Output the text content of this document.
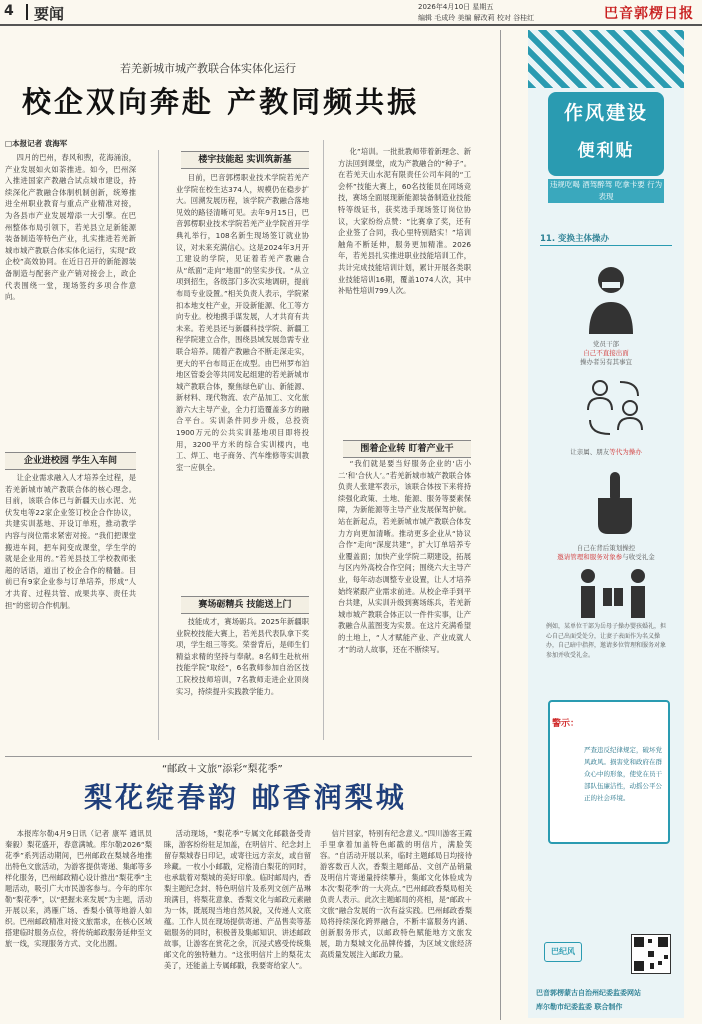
4 要闻	2026年4月10日 星期五
编辑 毛成玲 美编 解改莉 校对 谷桂红	巴音郭楞日报
若羌新城市城产教联合体实体化运行
校企双向奔赴 产教同频共振
□本报记者 袁海军

四月的巴州，春风和煦，花海涌浪，产业发展如火如荼推进。如今，巴州深入推进国家产教融合试点城市建设，持续深化产教融合体制机制创新，统筹推进全州职业教育与重点产业精准对接，为各县市产业发展增添一大引擎。在巴州整体布局引领下，若羌县立足新能源装备制造等特色产业，扎实推进若羌新城市城产教联合体实体化运行，实现“政企校”高效协同。在近日召开的新能源装备制造与配套产业产销对接会上，政企代表围绕一堂，现场签约多项合作意向。

企业进校园 学生入车间

让企业需求融入人才培养全过程，是若羌新城市城产教联合体的核心理念。目前，该联合体已与新疆天山水泥、光伏发电等22家企业签订校企合作协议，共建实训基地、开设订单班，推动教学内容与岗位需求紧密对接。“我们把课堂搬进车间，把车间变成课堂，学生学的就是企业用的。”若羌县技工学校教师张超的话语，道出了校企合作的精髓。目前已有9家企业参与订单培养，形成“人才共育、过程共管、成果共享、责任共担”的密切合作机制。

楼宇技能起 实训筑新基

目前，巴音郭楞职业技术学院若羌产业学院在校生达374人，规模仍在稳步扩大。回溯发展历程，该学院产教融合落地见效的路径清晰可见。去年9月15日，巴音郭楞职业技术学院若羌产业学院首开学典礼举行，108名新生现场签订就业协议，对未来充满信心。这是2024年3月开工建设的学院，见证着若羌产教融合从“纸面”走向“地面”的坚实步伐。“从立项到招生，各级部门多次实地调研，提前布局专业设置。”相关负责人表示，学院紧扣本地支柱产业，开设新能源、化工等方向专业。校地携手谋发展，人才共育有共未来。若羌县还与新疆科技学院、新疆工程学院建立合作，围绕县域发展急需专业联合培养。随着产教融合不断走深走实，更大的平台布局正在成型。由巴州罗布泊地区管委会等共同发起组建的若羌新城市城产教联合体，聚焦绿色矿山、新能源、新材料、现代物流、农产品加工、文化旅游六大主导产业，全力打造覆盖多方的融合平台。实训条件同步升级，总投资1900万元的公共实训基地项目即将投用，3200平方米的综合实训楼内，电工、焊工、电子商务、汽车维修等实训教室一应俱全。

赛场砺精兵 技能送上门

技能成才，赛场砺兵。2025年新疆职业院校技能大赛上，若羌县代表队拿下奖项，学生组三等奖。荣誉背后，是师生们精益求精的坚持与奉献。8名师生赴杭州技能学院“取经”，6名教师参加自治区技工院校技师培训，7名教师走进企业顶岗实习，持续提升实践教学能力。

化”培训。一批批教师带着新理念、新方法回到课堂，成为产教融合的“种子”。在若羌天山水泥有限责任公司车间的“工会杯”技能大赛上，60名技能员在同场竞技，赛场全面展现新能源装备制造业技能特等级证书，获奖选手现场签订岗位协议，大家纷纷点赞：“比赛拿了奖，还有企业签了合同，我心里特别踏实！”培训触角不断延伸，服务更加精准。2026年，若羌县扎实推进职业技能培训工作，共计完成技能培训计划，累计开展各类职业技能培训16期，覆盖1074人次，其中补贴性培训799人次。

围着企业转 盯着产业干

“我们就是要当好服务企业的‘店小二’和‘合伙人’。”若羌新城市城产教联合体负责人张建军表示，该联合体按下来将持续强化政策、土地、能源、服务等要素保障，为新能源等主导产业发展保驾护航。站在新起点，若羌新城市城产教联合体发力方向更加清晰。推动更多企业从“协议合作”走向“深度共建”，扩大订单培养专业覆盖面；加快产业学院二期建设，拓展与区内外高校合作空间；围绕六大主导产业，每年动态调整专业设置，让人才培养始终紧跟产业需求前进。从校企牵手到平台共建，从实训升级到赛场练兵，若羌新城市城产教联合体正以一件件实事，让产教融合从蓝图变为实景。在这片充满希望的土地上，“人才赋能产业、产业成就人才”的动人故事，还在不断续写。

“邮政＋文旅”添彩“梨花季”
梨花绽春韵 邮香润梨城
本报库尔勒4月9日讯（记者 康军 通讯员 秦毅）梨花盛开，春意满城。库尔勒2026“梨花季”系列活动期间，巴州邮政在梨城各地推出特色文旅活动，为游客提供寄递、集邮等多样化服务，巴州邮政精心设计推出“梨花季”主题活动，吸引广大市民游客参与。今年的库尔勒“梨花季”，以“把握未来发展”为主题，活动开展以来，鸿雁广场、香梨小镇等地游人如织。巴州邮政精准对接文旅需求，在核心区域搭建临时服务点位，将传统邮政服务延伸至文旅一线，实现服务方式、文化出圈。
活动现场，“梨花季”专属文化邮戳备受青睐，游客纷纷驻足加盖，在明信片、纪念封上留存梨城春日印记，或寄往远方亲友，或自留珍藏。一枚小小邮戳，定格清白梨花的同时，也承载着对梨城的美好印象。临时邮局内，香梨主题纪念封、特色明信片及系列文创产品琳琅满目，将梨花意象、香梨文化与邮政元素融为一体，既展现当地自然风貌，又传递人文底蕴。工作人员在现场提供寄递、产品售卖等基础服务的同时，积极普及集邮知识、讲述邮政故事，让游客在赏花之余，沉浸式感受传统集邮文化的独特魅力。“这张明信片上的梨花太美了，还能盖上专属邮戳，我要寄给家人”。
信片回家，特别有纪念意义。”四川游客王霞手里拿着加盖特色邮戳的明信片，满脸笑容。“自活动开展以来，临时主题邮局日均接待游客数百人次，香梨主题邮品、文创产品销量及明信片寄递量持续攀升，集邮文化体验成为本次‘梨花季’的一大亮点。”巴州邮政香梨局相关负责人表示。此次主题邮局的亮相，是“邮政＋文旅”融合发展的一次有益实践。巴州邮政香梨局将持续深化跨界融合，不断丰富服务内涵、创新服务形式，以邮政特色赋能地方文旅发展，助力梨城文化品牌传播，为区域文旅经济高质量发展注入邮政力量。
作风建设
便利贴
违规吃喝 酒驾醉驾 吃拿卡要 行为表现
11. 变换主体操办
党员干部
自己不直接出面
操办者另有其事宜
让亲属、朋友等代为操办
自己在背后策划操控
邀请管理和服务对象参与收受礼金
例如，某单位干部为岳母子操办婴孩婚礼，担心自己出面受处分，让妻子表面作为名义操办，自己暗中指挥，邀请多位管理和服务对象参加并收受礼金。
警示：
严查违反纪律规定，破坏党风政风。损害党和政府在群众心中的形象，使党在员干部队伍廉洁性，动摇公平公正的社会环境。
巴纪风
巴音郭楞蒙古自治州纪委监委网站
库尔勒市纪委监委 联合制作
